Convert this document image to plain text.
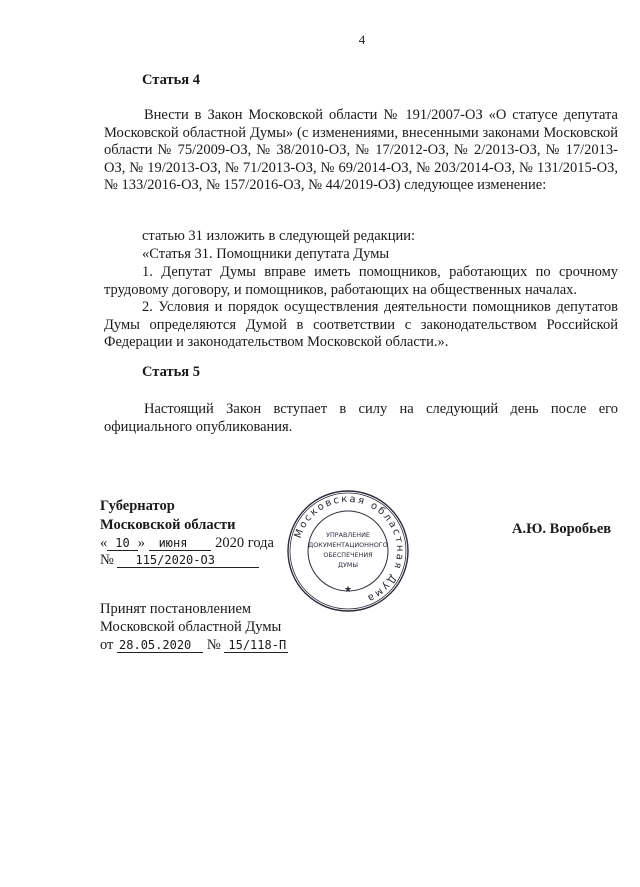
4
Статья 4
Внести в Закон Московской области № 191/2007-ОЗ «О статусе депутата Московской областной Думы» (с изменениями, внесенными законами Московской области № 75/2009-ОЗ, № 38/2010-ОЗ, № 17/2012-ОЗ, № 2/2013-ОЗ, № 17/2013-ОЗ, № 19/2013-ОЗ, № 71/2013-ОЗ, № 69/2014-ОЗ, № 203/2014-ОЗ, № 131/2015-ОЗ, № 133/2016-ОЗ, № 157/2016-ОЗ, № 44/2019-ОЗ) следующее изменение:
статью 31 изложить в следующей редакции:
«Статья 31. Помощники депутата Думы
1. Депутат Думы вправе иметь помощников, работающих по срочному трудовому договору, и помощников, работающих на общественных началах.
2. Условия и порядок осуществления деятельности помощников депутатов Думы определяются Думой в соответствии с законодательством Российской Федерации и законодательством Московской области.».
Статья 5
Настоящий Закон вступает в силу на следующий день после его официального опубликования.
Губернатор
Московской области	А.Ю. Воробьев
« 10 » июня 2020 года
№ 115/2020-ОЗ
Принят постановлением
Московской областной Думы
от 28.05.2020 № 15/118-П
Московская областная Дума
★
УПРАВЛЕНИЕ
ДОКУМЕНТАЦИОННОГО
ОБЕСПЕЧЕНИЯ
ДУМЫ
